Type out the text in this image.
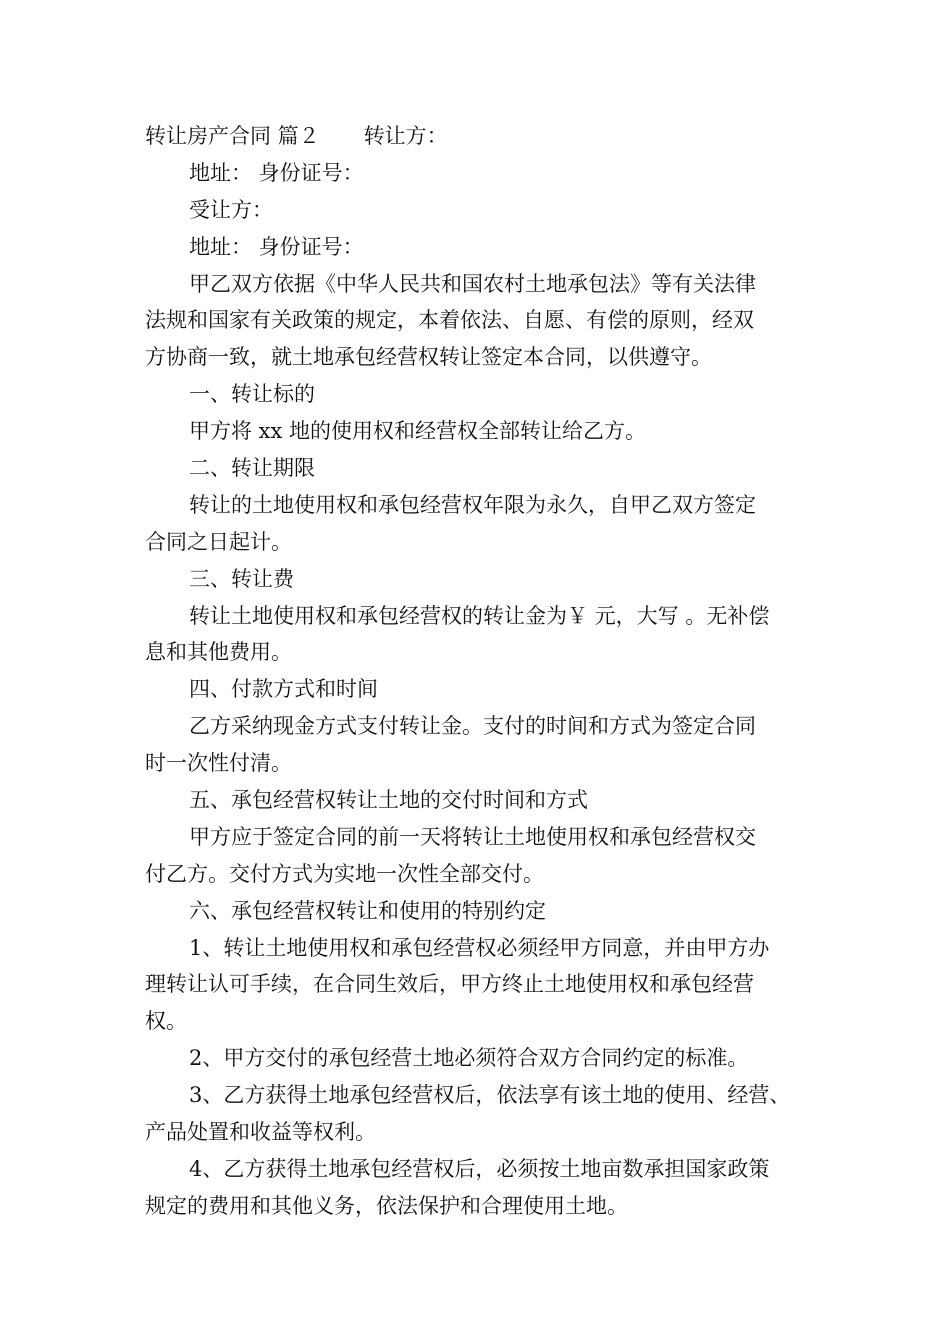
转让房产合同 篇２ 转让方：
地址： 身份证号：
受让方：
地址： 身份证号：
甲乙双方依据《中华人民共和国农村土地承包法》等有关法律
法规和国家有关政策的规定，本着依法、自愿、有偿的原则，经双
方协商一致，就土地承包经营权转让签定本合同，以供遵守。
一、转让标的
甲方将 xx 地的使用权和经营权全部转让给乙方。
二、转让期限
转让的土地使用权和承包经营权年限为永久，自甲乙双方签定
合同之日起计。
三、转让费
转让土地使用权和承包经营权的转让金为￥ 元，大写 。无补偿
息和其他费用。
四、付款方式和时间
乙方采纳现金方式支付转让金。支付的时间和方式为签定合同
时一次性付清。
五、承包经营权转让土地的交付时间和方式
甲方应于签定合同的前一天将转让土地使用权和承包经营权交
付乙方。交付方式为实地一次性全部交付。
六、承包经营权转让和使用的特别约定
1、转让土地使用权和承包经营权必须经甲方同意，并由甲方办
理转让认可手续，在合同生效后，甲方终止土地使用权和承包经营
权。
2、甲方交付的承包经营土地必须符合双方合同约定的标准。
3、乙方获得土地承包经营权后，依法享有该土地的使用、经营、
产品处置和收益等权利。
4、乙方获得土地承包经营权后，必须按土地亩数承担国家政策
规定的费用和其他义务，依法保护和合理使用土地。
